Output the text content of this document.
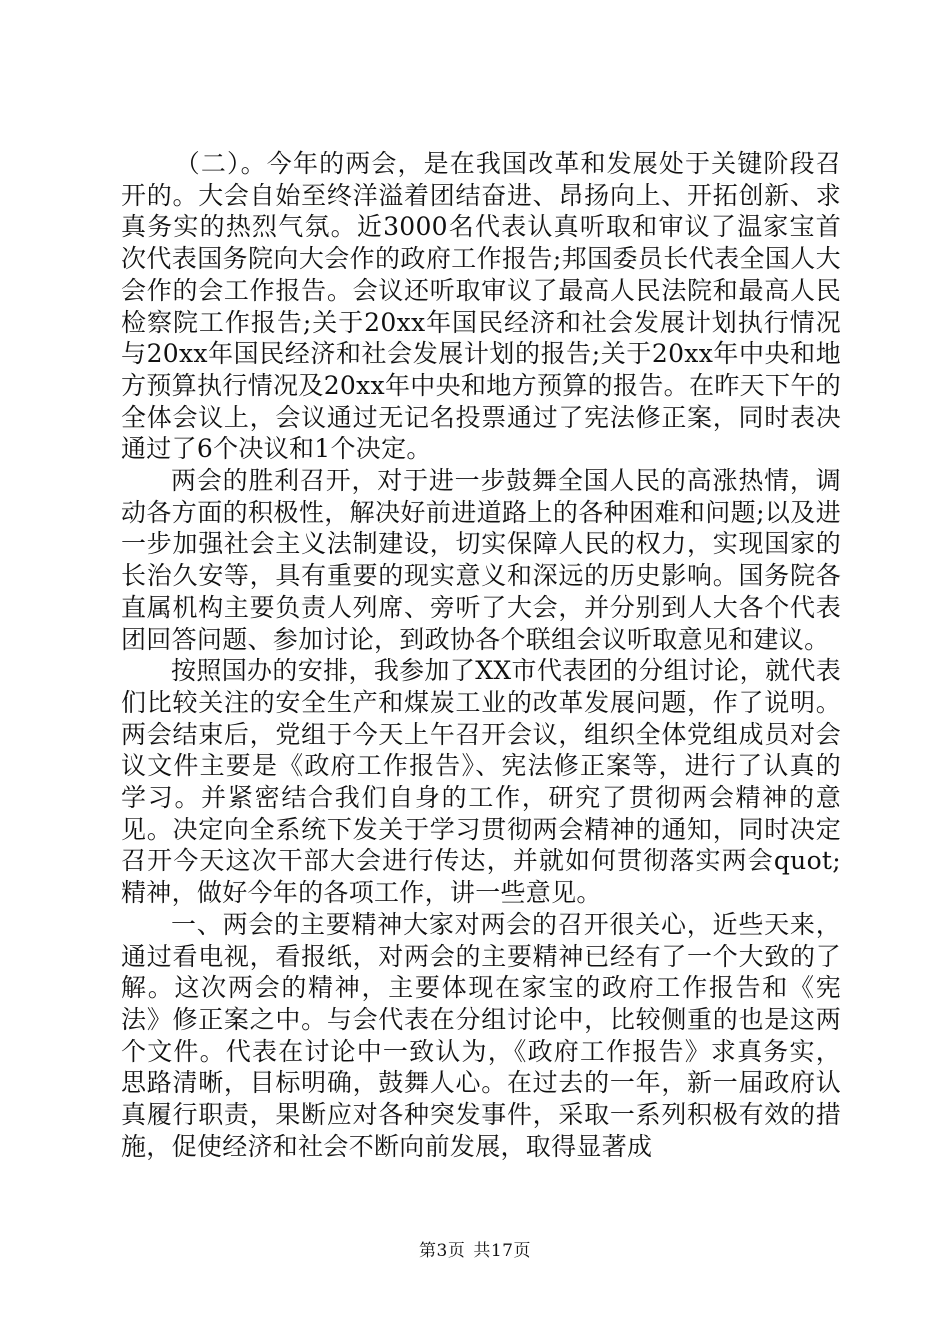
（二）。今年的两会，是在我国改革和发展处于关键阶段召开的。大会自始至终洋溢着团结奋进、昂扬向上、开拓创新、求真务实的热烈气氛。近3000名代表认真听取和审议了温家宝首次代表国务院向大会作的政府工作报告;邦国委员长代表全国人大会作的会工作报告。会议还听取审议了最高人民法院和最高人民检察院工作报告;关于20xx年国民经济和社会发展计划执行情况与20xx年国民经济和社会发展计划的报告;关于20xx年中央和地方预算执行情况及20xx年中央和地方预算的报告。在昨天下午的全体会议上，会议通过无记名投票通过了宪法修正案，同时表决通过了6个决议和1个决定。

两会的胜利召开，对于进一步鼓舞全国人民的高涨热情，调动各方面的积极性，解决好前进道路上的各种困难和问题;以及进一步加强社会主义法制建设，切实保障人民的权力，实现国家的长治久安等，具有重要的现实意义和深远的历史影响。国务院各直属机构主要负责人列席、旁听了大会，并分别到人大各个代表团回答问题、参加讨论，到政协各个联组会议听取意见和建议。

按照国办的安排，我参加了XX市代表团的分组讨论，就代表们比较关注的安全生产和煤炭工业的改革发展问题，作了说明。两会结束后，党组于今天上午召开会议，组织全体党组成员对会议文件主要是《政府工作报告》、宪法修正案等，进行了认真的学习。并紧密结合我们自身的工作，研究了贯彻两会精神的意见。决定向全系统下发关于学习贯彻两会精神的通知，同时决定召开今天这次干部大会进行传达，并就如何贯彻落实两会quot;精神，做好今年的各项工作，讲一些意见。

一、两会的主要精神大家对两会的召开很关心，近些天来，通过看电视，看报纸，对两会的主要精神已经有了一个大致的了解。这次两会的精神，主要体现在家宝的政府工作报告和《宪法》修正案之中。与会代表在分组讨论中，比较侧重的也是这两个文件。代表在讨论中一致认为，《政府工作报告》求真务实，思路清晰，目标明确，鼓舞人心。在过去的一年，新一届政府认真履行职责，果断应对各种突发事件，采取一系列积极有效的措施，促使经济和社会不断向前发展，取得显著成

第3页 共17页
